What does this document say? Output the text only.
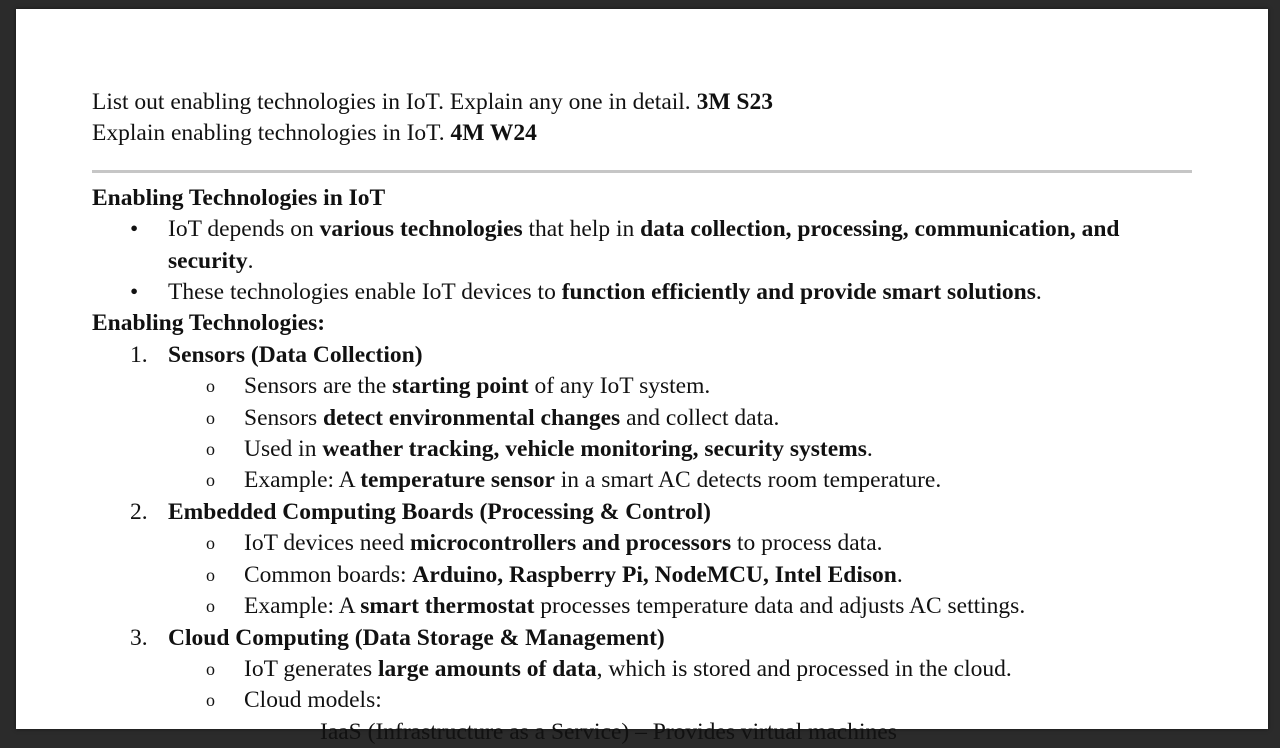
List out enabling technologies in IoT. Explain any one in detail. 3M S23
Explain enabling technologies in IoT. 4M W24
Enabling Technologies in IoT
•	IoT depends on various technologies that help in data collection, processing, communication, and security.
•	These technologies enable IoT devices to function efficiently and provide smart solutions.
Enabling Technologies:
1. Sensors (Data Collection)
o	Sensors are the starting point of any IoT system.
o	Sensors detect environmental changes and collect data.
o	Used in weather tracking, vehicle monitoring, security systems.
o	Example: A temperature sensor in a smart AC detects room temperature.
2. Embedded Computing Boards (Processing & Control)
o	IoT devices need microcontrollers and processors to process data.
o	Common boards: Arduino, Raspberry Pi, NodeMCU, Intel Edison.
o	Example: A smart thermostat processes temperature data and adjusts AC settings.
3. Cloud Computing (Data Storage & Management)
o	IoT generates large amounts of data, which is stored and processed in the cloud.
o	Cloud models:
IaaS (Infrastructure as a Service) – Provides virtual machines
